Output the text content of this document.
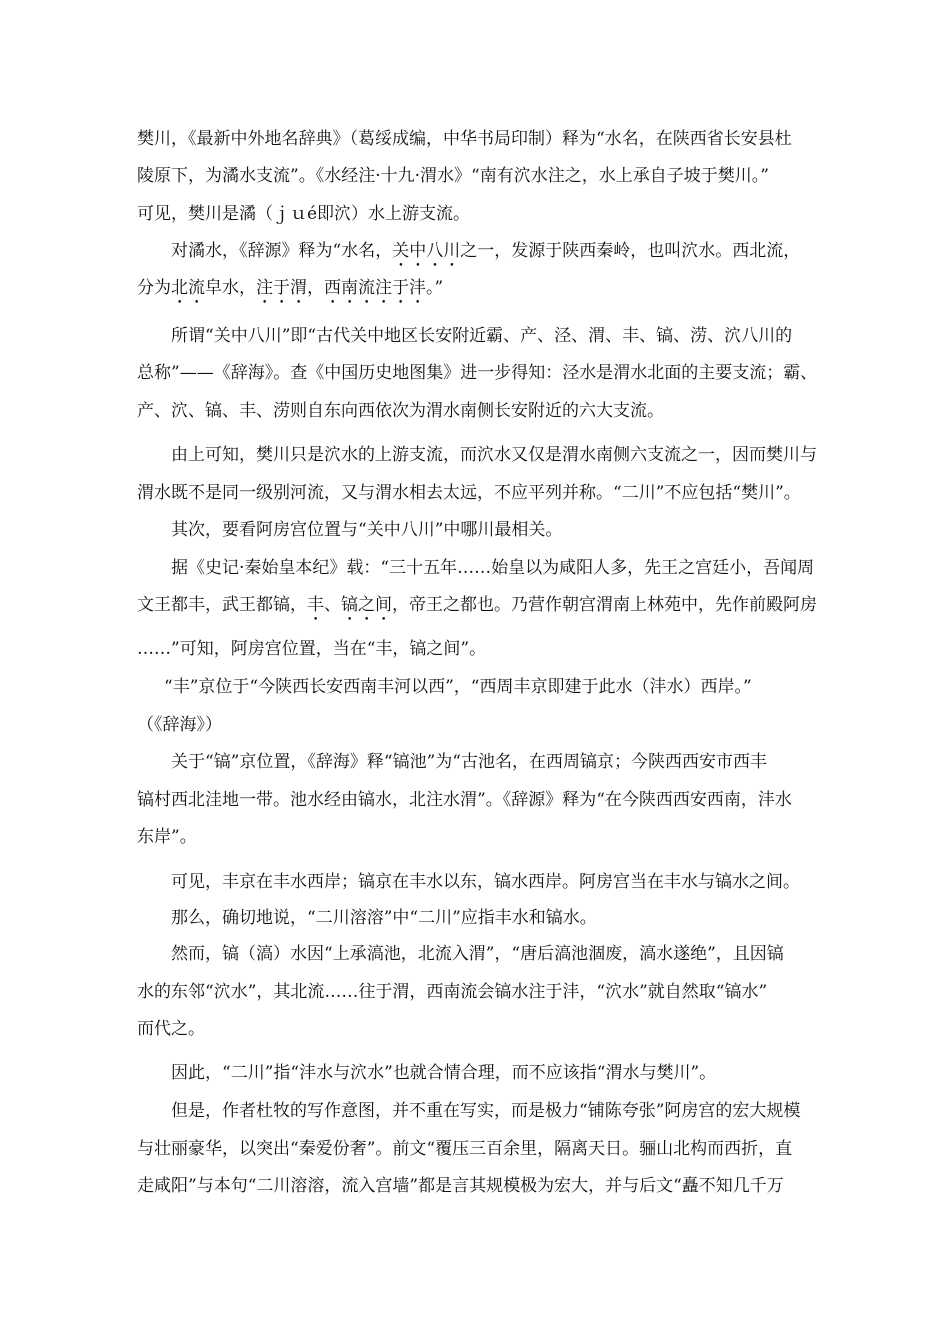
樊川，《最新中外地名辞典》（葛绥成编，中华书局印制）释为“水名，在陕西省长安县杜
陵原下，为潏水支流”。《水经注·十九·渭水》“南有泬水注之，水上承自子坡于樊川。”
可见，樊川是潏（ｊｕé即泬）水上游支流。
对潏水，《辞源》释为“水名，关中八川之一，发源于陕西秦岭，也叫泬水。西北流，
分为北流皁水，注于渭，西南流注于沣。”
所谓“关中八川”即“古代关中地区长安附近霸、产、泾、渭、丰、镐、涝、泬八川的
总称”——《辞海》。查《中国历史地图集》进一步得知：泾水是渭水北面的主要支流；霸、
产、泬、镐、丰、涝则自东向西依次为渭水南侧长安附近的六大支流。
由上可知，樊川只是泬水的上游支流，而泬水又仅是渭水南侧六支流之一，因而樊川与
渭水既不是同一级别河流，又与渭水相去太远，不应平列并称。“二川”不应包括“樊川”。
其次，要看阿房宫位置与“关中八川”中哪川最相关。
据《史记·秦始皇本纪》载：“三十五年……始皇以为咸阳人多，先王之宫廷小，吾闻周
文王都丰，武王都镐，丰、镐之间，帝王之都也。乃营作朝宫渭南上林苑中，先作前殿阿房
……”可知，阿房宫位置，当在“丰，镐之间”。
“丰”京位于“今陕西长安西南丰河以西”，“西周丰京即建于此水（沣水）西岸。”
（《辞海》）
关于“镐”京位置，《辞海》释“镐池”为“古池名，在西周镐京；今陕西西安市西丰
镐村西北洼地一带。池水经由镐水，北注水渭”。《辞源》释为“在今陕西西安西南，沣水
东岸”。
可见，丰京在丰水西岸；镐京在丰水以东，镐水西岸。阿房宫当在丰水与镐水之间。
那么，确切地说，“二川溶溶”中“二川”应指丰水和镐水。
然而，镐（滈）水因“上承滈池，北流入渭”，“唐后滈池涸废，滈水遂绝”，且因镐
水的东邻“泬水”，其北流……往于渭，西南流会镐水注于沣，“泬水”就自然取“镐水”
而代之。
因此，“二川”指“沣水与泬水”也就合情合理，而不应该指“渭水与樊川”。
但是，作者杜牧的写作意图，并不重在写实，而是极力“铺陈夸张”阿房宫的宏大规模
与壮丽豪华，以突出“秦爱份奢”。前文“覆压三百余里，隔离天日。骊山北构而西折，直
走咸阳”与本句“二川溶溶，流入宫墙”都是言其规模极为宏大，并与后文“矗不知几千万
